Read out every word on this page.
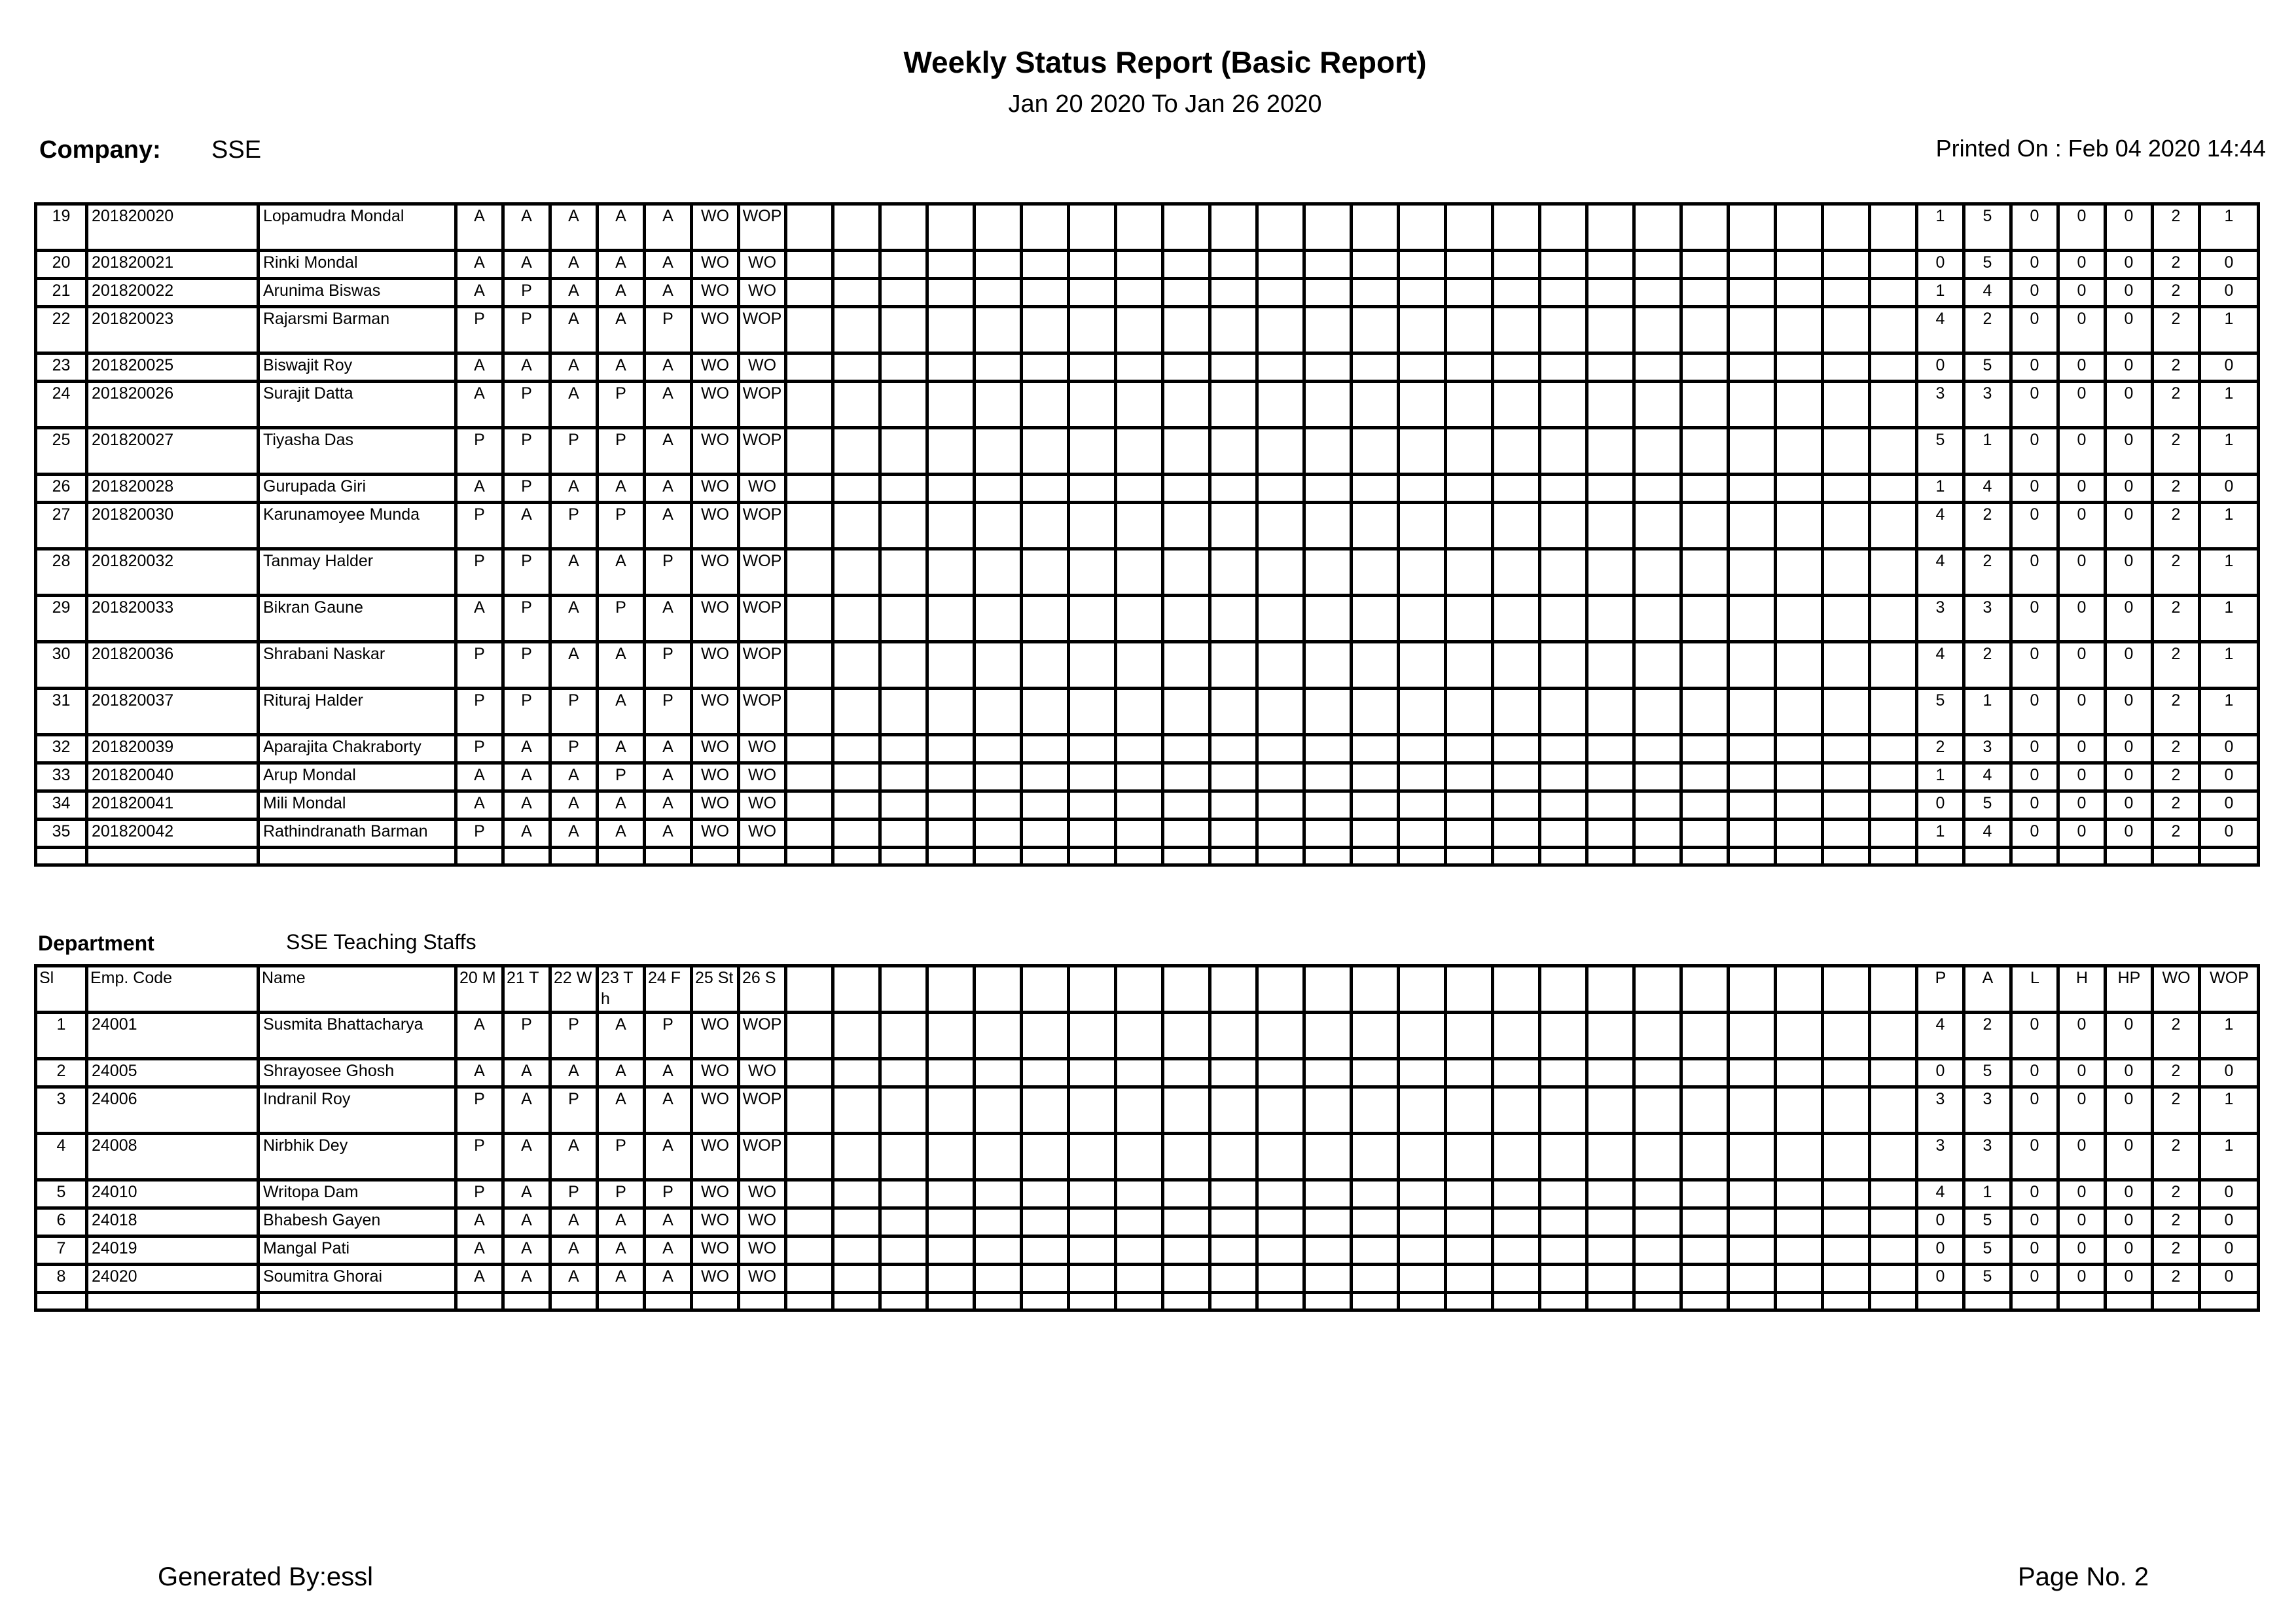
Weekly Status Report (Basic Report)
Jan 20 2020 To Jan 26 2020
Company: SSE	Printed On : Feb 04 2020 14:44
19	201820020	Lopamudra Mondal	A	A	A	A	A	WO	WOP																									1	5	0	0	0	2	1
20	201820021	Rinki Mondal	A	A	A	A	A	WO	WO																									0	5	0	0	0	2	0
21	201820022	Arunima Biswas	A	P	A	A	A	WO	WO																									1	4	0	0	0	2	0
22	201820023	Rajarsmi Barman	P	P	A	A	P	WO	WOP																									4	2	0	0	0	2	1
23	201820025	Biswajit Roy	A	A	A	A	A	WO	WO																									0	5	0	0	0	2	0
24	201820026	Surajit Datta	A	P	A	P	A	WO	WOP																									3	3	0	0	0	2	1
25	201820027	Tiyasha Das	P	P	P	P	A	WO	WOP																									5	1	0	0	0	2	1
26	201820028	Gurupada Giri	A	P	A	A	A	WO	WO																									1	4	0	0	0	2	0
27	201820030	Karunamoyee Munda	P	A	P	P	A	WO	WOP																									4	2	0	0	0	2	1
28	201820032	Tanmay Halder	P	P	A	A	P	WO	WOP																									4	2	0	0	0	2	1
29	201820033	Bikran Gaune	A	P	A	P	A	WO	WOP																									3	3	0	0	0	2	1
30	201820036	Shrabani Naskar	P	P	A	A	P	WO	WOP																									4	2	0	0	0	2	1
31	201820037	Rituraj Halder	P	P	P	A	P	WO	WOP																									5	1	0	0	0	2	1
32	201820039	Aparajita Chakraborty	P	A	P	A	A	WO	WO																									2	3	0	0	0	2	0
33	201820040	Arup Mondal	A	A	A	P	A	WO	WO																									1	4	0	0	0	2	0
34	201820041	Mili Mondal	A	A	A	A	A	WO	WO																									0	5	0	0	0	2	0
35	201820042	Rathindranath Barman	P	A	A	A	A	WO	WO																									1	4	0	0	0	2	0

Department	SSE Teaching Staffs
Sl	Emp. Code	Name	20 M	21 T	22 W	23 Th	24 F	25 St	26 S																									P	A	L	H	HP	WO	WOP
1	24001	Susmita Bhattacharya	A	P	P	A	P	WO	WOP																									4	2	0	0	0	2	1
2	24005	Shrayosee Ghosh	A	A	A	A	A	WO	WO																									0	5	0	0	0	2	0
3	24006	Indranil Roy	P	A	P	A	A	WO	WOP																									3	3	0	0	0	2	1
4	24008	Nirbhik Dey	P	A	A	P	A	WO	WOP																									3	3	0	0	0	2	1
5	24010	Writopa Dam	P	A	P	P	P	WO	WO																									4	1	0	0	0	2	0
6	24018	Bhabesh Gayen	A	A	A	A	A	WO	WO																									0	5	0	0	0	2	0
7	24019	Mangal Pati	A	A	A	A	A	WO	WO																									0	5	0	0	0	2	0
8	24020	Soumitra Ghorai	A	A	A	A	A	WO	WO																									0	5	0	0	0	2	0

Generated By:essl	Page No. 2
